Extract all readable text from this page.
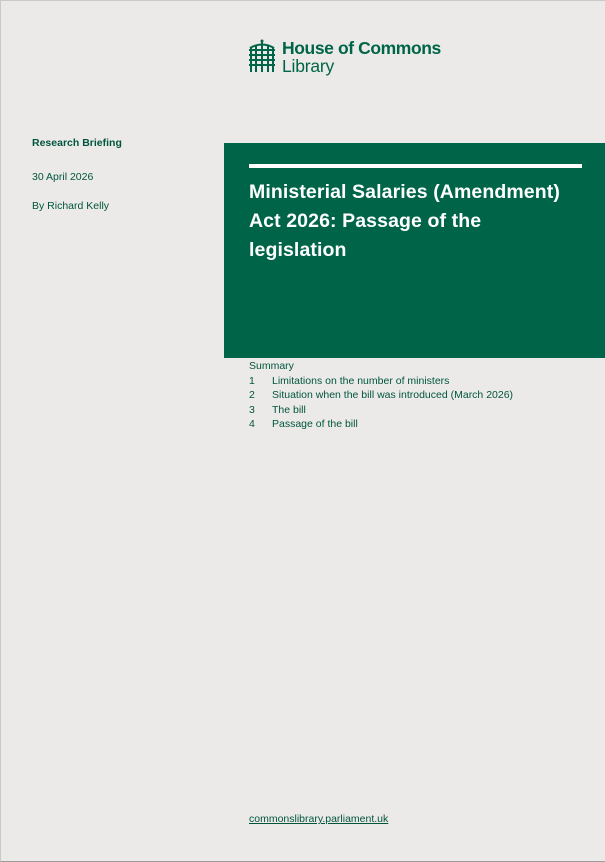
House of Commons
Library
Research Briefing
30 April 2026
By Richard Kelly
Ministerial Salaries (Amendment) Act 2026: Passage of the legislation
Summary
1	Limitations on the number of ministers
2	Situation when the bill was introduced (March 2026)
3	The bill
4	Passage of the bill
commonslibrary.parliament.uk
